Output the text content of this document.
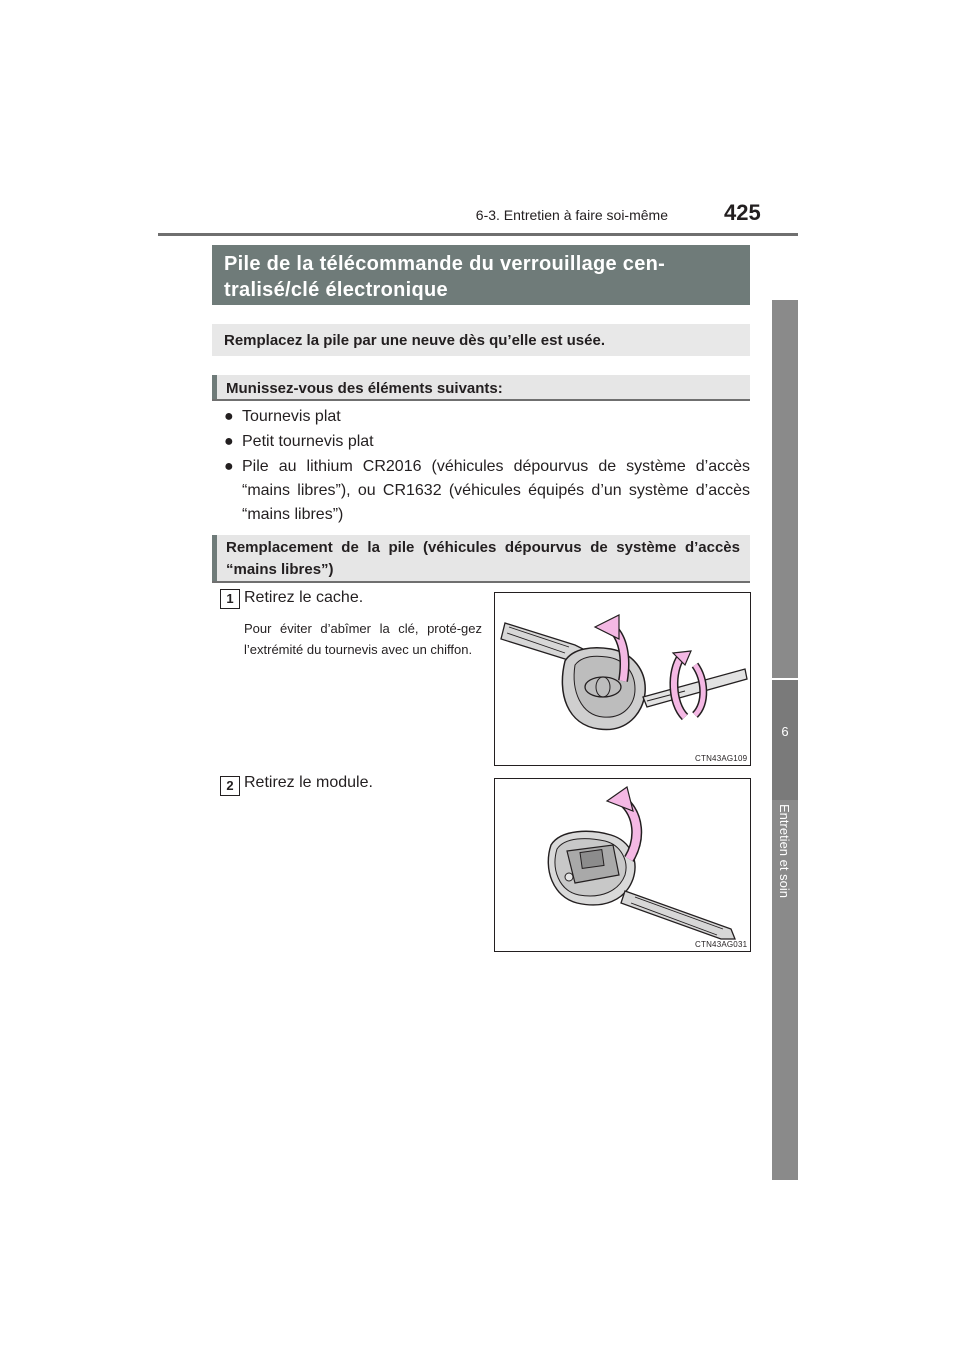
6-3. Entretien à faire soi-même	425
6
Entretien et soin
Pile de la télécommande du verrouillage cen-tralisé/clé électronique
Remplacez la pile par une neuve dès qu’elle est usée.
Munissez-vous des éléments suivants:
● Tournevis plat
● Petit tournevis plat
● Pile au lithium CR2016 (véhicules dépourvus de système d’accès “mains libres”), ou CR1632 (véhicules équipés d’un système d’accès “mains libres”)
Remplacement de la pile (véhicules dépourvus de système d’accès “mains libres”)
1 Retirez le cache.
Pour éviter d’abîmer la clé, proté-gez l’extrémité du tournevis avec un chiffon.
CTN43AG109
2 Retirez le module.
CTN43AG031
